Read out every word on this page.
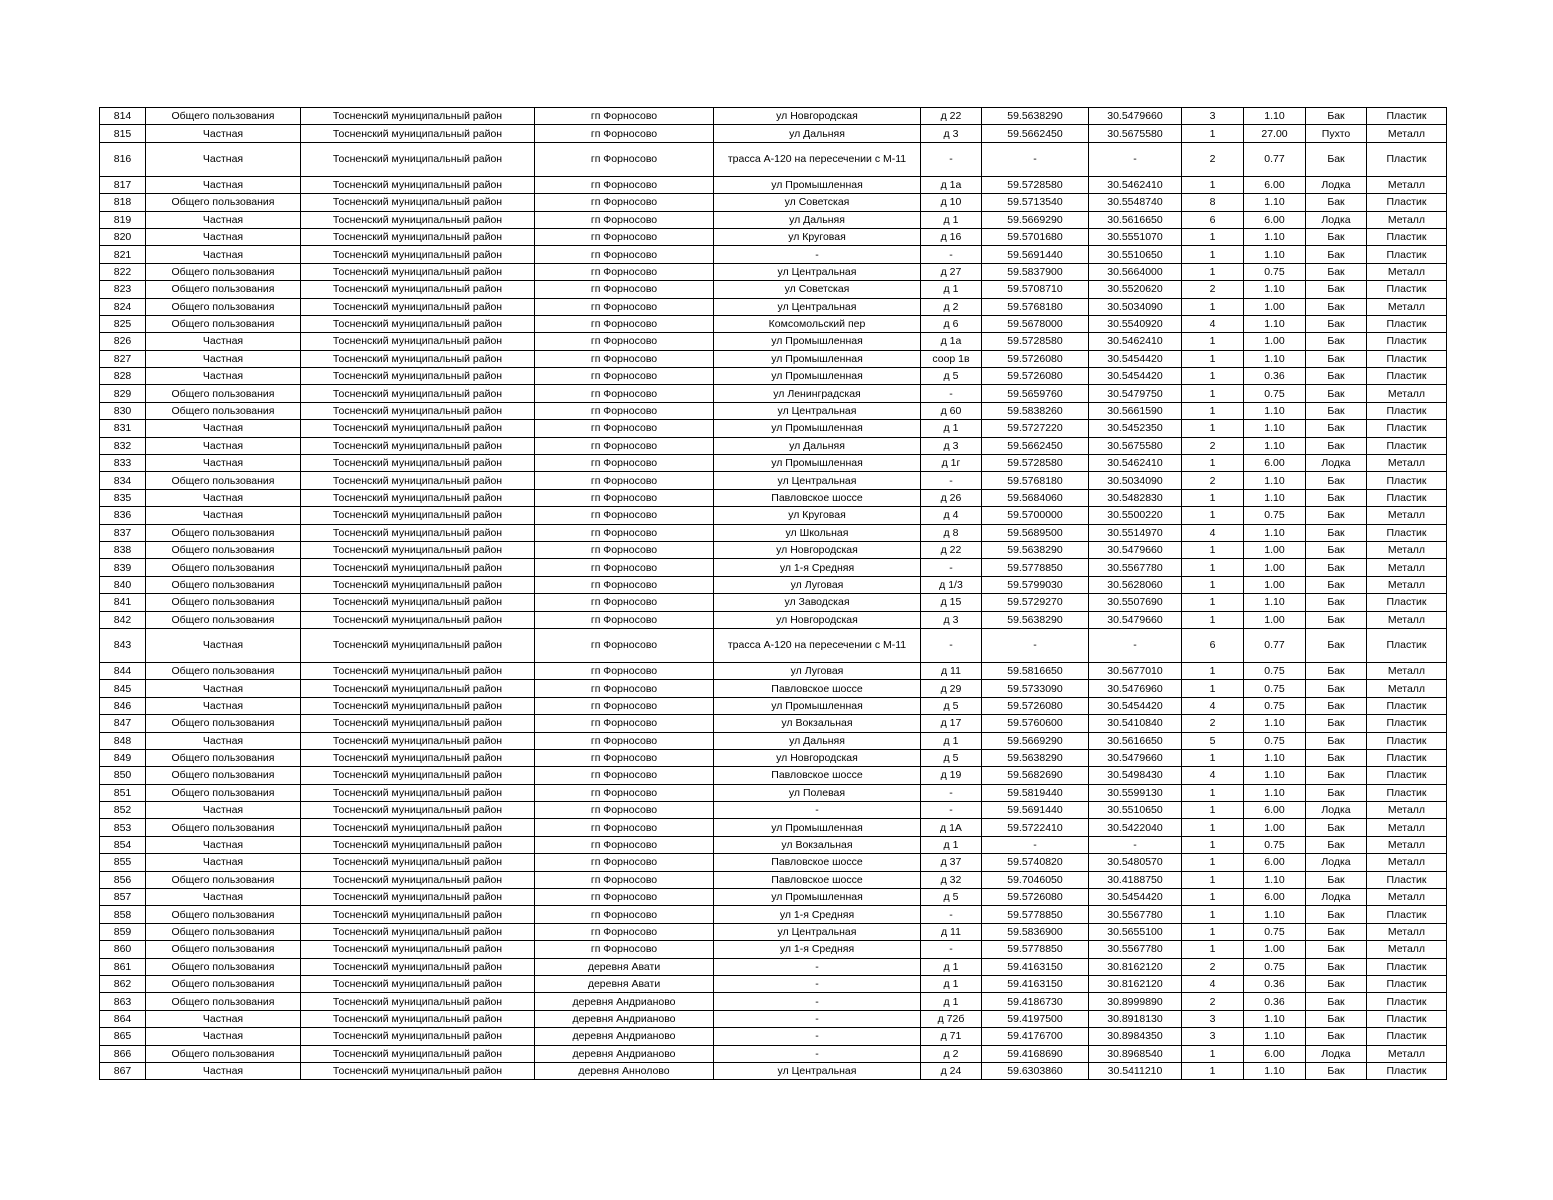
814	Общего пользования	Тосненский муниципальный район	гп Форносово	ул Новгородская	д 22	59.5638290	30.5479660	3	1.10	Бак	Пластик
815	Частная	Тосненский муниципальный район	гп Форносово	ул Дальняя	д 3	59.5662450	30.5675580	1	27.00	Пухто	Металл
816	Частная	Тосненский муниципальный район	гп Форносово	трасса А-120 на пересечении с М-11	-	-	-	2	0.77	Бак	Пластик
817	Частная	Тосненский муниципальный район	гп Форносово	ул Промышленная	д 1а	59.5728580	30.5462410	1	6.00	Лодка	Металл
818	Общего пользования	Тосненский муниципальный район	гп Форносово	ул Советская	д 10	59.5713540	30.5548740	8	1.10	Бак	Пластик
819	Частная	Тосненский муниципальный район	гп Форносово	ул Дальняя	д 1	59.5669290	30.5616650	6	6.00	Лодка	Металл
820	Частная	Тосненский муниципальный район	гп Форносово	ул Круговая	д 16	59.5701680	30.5551070	1	1.10	Бак	Пластик
821	Частная	Тосненский муниципальный район	гп Форносово	-	-	59.5691440	30.5510650	1	1.10	Бак	Пластик
822	Общего пользования	Тосненский муниципальный район	гп Форносово	ул Центральная	д 27	59.5837900	30.5664000	1	0.75	Бак	Металл
823	Общего пользования	Тосненский муниципальный район	гп Форносово	ул Советская	д 1	59.5708710	30.5520620	2	1.10	Бак	Пластик
824	Общего пользования	Тосненский муниципальный район	гп Форносово	ул Центральная	д 2	59.5768180	30.5034090	1	1.00	Бак	Металл
825	Общего пользования	Тосненский муниципальный район	гп Форносово	Комсомольский пер	д 6	59.5678000	30.5540920	4	1.10	Бак	Пластик
826	Частная	Тосненский муниципальный район	гп Форносово	ул Промышленная	д 1а	59.5728580	30.5462410	1	1.00	Бак	Пластик
827	Частная	Тосненский муниципальный район	гп Форносово	ул Промышленная	соор 1в	59.5726080	30.5454420	1	1.10	Бак	Пластик
828	Частная	Тосненский муниципальный район	гп Форносово	ул Промышленная	д 5	59.5726080	30.5454420	1	0.36	Бак	Пластик
829	Общего пользования	Тосненский муниципальный район	гп Форносово	ул Ленинградская	-	59.5659760	30.5479750	1	0.75	Бак	Металл
830	Общего пользования	Тосненский муниципальный район	гп Форносово	ул Центральная	д 60	59.5838260	30.5661590	1	1.10	Бак	Пластик
831	Частная	Тосненский муниципальный район	гп Форносово	ул Промышленная	д 1	59.5727220	30.5452350	1	1.10	Бак	Пластик
832	Частная	Тосненский муниципальный район	гп Форносово	ул Дальняя	д 3	59.5662450	30.5675580	2	1.10	Бак	Пластик
833	Частная	Тосненский муниципальный район	гп Форносово	ул Промышленная	д 1г	59.5728580	30.5462410	1	6.00	Лодка	Металл
834	Общего пользования	Тосненский муниципальный район	гп Форносово	ул Центральная	-	59.5768180	30.5034090	2	1.10	Бак	Пластик
835	Частная	Тосненский муниципальный район	гп Форносово	Павловское шоссе	д 26	59.5684060	30.5482830	1	1.10	Бак	Пластик
836	Частная	Тосненский муниципальный район	гп Форносово	ул Круговая	д 4	59.5700000	30.5500220	1	0.75	Бак	Металл
837	Общего пользования	Тосненский муниципальный район	гп Форносово	ул Школьная	д 8	59.5689500	30.5514970	4	1.10	Бак	Пластик
838	Общего пользования	Тосненский муниципальный район	гп Форносово	ул Новгородская	д 22	59.5638290	30.5479660	1	1.00	Бак	Металл
839	Общего пользования	Тосненский муниципальный район	гп Форносово	ул 1-я Средняя	-	59.5778850	30.5567780	1	1.00	Бак	Металл
840	Общего пользования	Тосненский муниципальный район	гп Форносово	ул Луговая	д 1/3	59.5799030	30.5628060	1	1.00	Бак	Металл
841	Общего пользования	Тосненский муниципальный район	гп Форносово	ул Заводская	д 15	59.5729270	30.5507690	1	1.10	Бак	Пластик
842	Общего пользования	Тосненский муниципальный район	гп Форносово	ул Новгородская	д 3	59.5638290	30.5479660	1	1.00	Бак	Металл
843	Частная	Тосненский муниципальный район	гп Форносово	трасса А-120 на пересечении с М-11	-	-	-	6	0.77	Бак	Пластик
844	Общего пользования	Тосненский муниципальный район	гп Форносово	ул Луговая	д 11	59.5816650	30.5677010	1	0.75	Бак	Металл
845	Частная	Тосненский муниципальный район	гп Форносово	Павловское шоссе	д 29	59.5733090	30.5476960	1	0.75	Бак	Металл
846	Частная	Тосненский муниципальный район	гп Форносово	ул Промышленная	д 5	59.5726080	30.5454420	4	0.75	Бак	Пластик
847	Общего пользования	Тосненский муниципальный район	гп Форносово	ул Вокзальная	д 17	59.5760600	30.5410840	2	1.10	Бак	Пластик
848	Частная	Тосненский муниципальный район	гп Форносово	ул Дальняя	д 1	59.5669290	30.5616650	5	0.75	Бак	Пластик
849	Общего пользования	Тосненский муниципальный район	гп Форносово	ул Новгородская	д 5	59.5638290	30.5479660	1	1.10	Бак	Пластик
850	Общего пользования	Тосненский муниципальный район	гп Форносово	Павловское шоссе	д 19	59.5682690	30.5498430	4	1.10	Бак	Пластик
851	Общего пользования	Тосненский муниципальный район	гп Форносово	ул Полевая	-	59.5819440	30.5599130	1	1.10	Бак	Пластик
852	Частная	Тосненский муниципальный район	гп Форносово	-	-	59.5691440	30.5510650	1	6.00	Лодка	Металл
853	Общего пользования	Тосненский муниципальный район	гп Форносово	ул Промышленная	д 1А	59.5722410	30.5422040	1	1.00	Бак	Металл
854	Частная	Тосненский муниципальный район	гп Форносово	ул Вокзальная	д 1	-	-	1	0.75	Бак	Металл
855	Частная	Тосненский муниципальный район	гп Форносово	Павловское шоссе	д 37	59.5740820	30.5480570	1	6.00	Лодка	Металл
856	Общего пользования	Тосненский муниципальный район	гп Форносово	Павловское шоссе	д 32	59.7046050	30.4188750	1	1.10	Бак	Пластик
857	Частная	Тосненский муниципальный район	гп Форносово	ул Промышленная	д 5	59.5726080	30.5454420	1	6.00	Лодка	Металл
858	Общего пользования	Тосненский муниципальный район	гп Форносово	ул 1-я Средняя	-	59.5778850	30.5567780	1	1.10	Бак	Пластик
859	Общего пользования	Тосненский муниципальный район	гп Форносово	ул Центральная	д 11	59.5836900	30.5655100	1	0.75	Бак	Металл
860	Общего пользования	Тосненский муниципальный район	гп Форносово	ул 1-я Средняя	-	59.5778850	30.5567780	1	1.00	Бак	Металл
861	Общего пользования	Тосненский муниципальный район	деревня Авати	-	д 1	59.4163150	30.8162120	2	0.75	Бак	Пластик
862	Общего пользования	Тосненский муниципальный район	деревня Авати	-	д 1	59.4163150	30.8162120	4	0.36	Бак	Пластик
863	Общего пользования	Тосненский муниципальный район	деревня Андрианово	-	д 1	59.4186730	30.8999890	2	0.36	Бак	Пластик
864	Частная	Тосненский муниципальный район	деревня Андрианово	-	д 72б	59.4197500	30.8918130	3	1.10	Бак	Пластик
865	Частная	Тосненский муниципальный район	деревня Андрианово	-	д 71	59.4176700	30.8984350	3	1.10	Бак	Пластик
866	Общего пользования	Тосненский муниципальный район	деревня Андрианово	-	д 2	59.4168690	30.8968540	1	6.00	Лодка	Металл
867	Частная	Тосненский муниципальный район	деревня Аннолово	ул Центральная	д 24	59.6303860	30.5411210	1	1.10	Бак	Пластик
